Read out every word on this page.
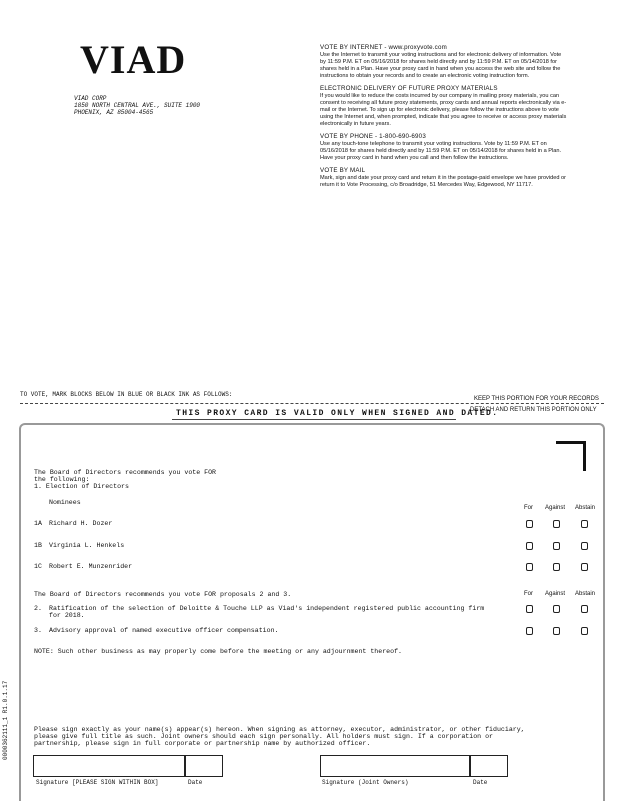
VIAD
VIAD CORP
1850 NORTH CENTRAL AVE., SUITE 1900
PHOENIX, AZ 85004-4565
VOTE BY INTERNET - www.proxyvote.com
Use the Internet to transmit your voting instructions and for electronic delivery of information. Vote by 11:59 P.M. ET on 05/16/2018 for shares held directly and by 11:59 P.M. ET on 05/14/2018 for shares held in a Plan. Have your proxy card in hand when you access the web site and follow the instructions to obtain your records and to create an electronic voting instruction form.
ELECTRONIC DELIVERY OF FUTURE PROXY MATERIALS
If you would like to reduce the costs incurred by our company in mailing proxy materials, you can consent to receiving all future proxy statements, proxy cards and annual reports electronically via e-mail or the Internet. To sign up for electronic delivery, please follow the instructions above to vote using the Internet and, when prompted, indicate that you agree to receive or access proxy materials electronically in future years.
VOTE BY PHONE - 1-800-690-6903
Use any touch-tone telephone to transmit your voting instructions. Vote by 11:59 P.M. ET on 05/16/2018 for shares held directly and by 11:59 P.M. ET on 05/14/2018 for shares held in a Plan. Have your proxy card in hand when you call and then follow the instructions.
VOTE BY MAIL
Mark, sign and date your proxy card and return it in the postage-paid envelope we have provided or return it to Vote Processing, c/o Broadridge, 51 Mercedes Way, Edgewood, NY 11717.
TO VOTE, MARK BLOCKS BELOW IN BLUE OR BLACK INK AS FOLLOWS:
KEEP THIS PORTION FOR YOUR RECORDS
DETACH AND RETURN THIS PORTION ONLY
THIS PROXY CARD IS VALID ONLY WHEN SIGNED AND DATED.
The Board of Directors recommends you vote FOR
the following:
1. Election of Directors
Nominees
For Against Abstain
1A Richard H. Dozer
1B Virginia L. Henkels
1C Robert E. Munzenrider
The Board of Directors recommends you vote FOR proposals 2 and 3.	For Against Abstain
2. Ratification of the selection of Deloitte & Touche LLP as Viad's independent registered public accounting firm
for 2018.
3. Advisory approval of named executive officer compensation.
NOTE: Such other business as may properly come before the meeting or any adjournment thereof.
0000362111_1 R1.0.1.17	Please sign exactly as your name(s) appear(s) hereon. When signing as attorney, executor, administrator, or other fiduciary,
please give full title as such. Joint owners should each sign personally. All holders must sign. If a corporation or
partnership, please sign in full corporate or partnership name by authorized officer.
Signature [PLEASE SIGN WITHIN BOX]	Date	Signature (Joint Owners)	Date
